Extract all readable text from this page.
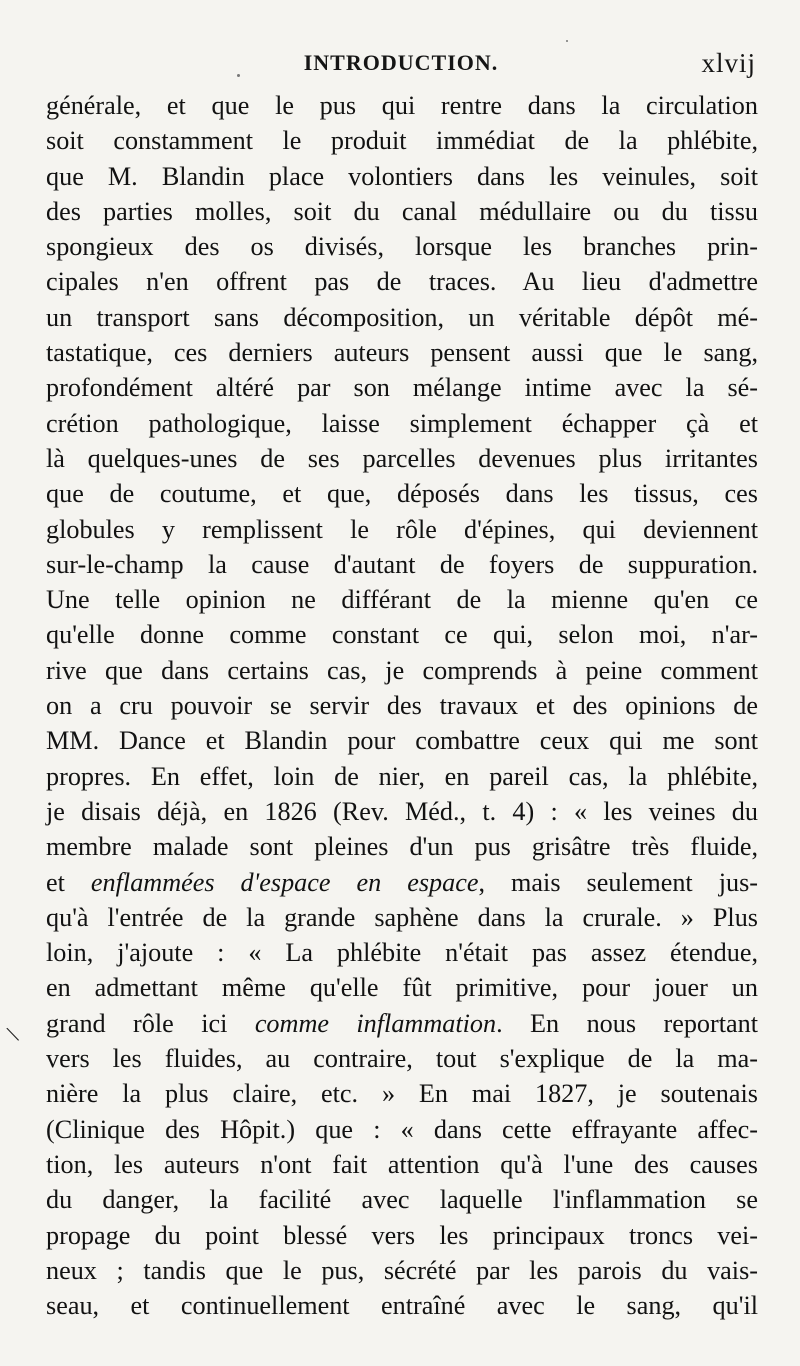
INTRODUCTION.	xlvij
générale, et que le pus qui rentre dans la circulation
soit constamment le produit immédiat de la phlébite,
que M. Blandin place volontiers dans les veinules, soit
des parties molles, soit du canal médullaire ou du tissu
spongieux des os divisés, lorsque les branches prin-
cipales n'en offrent pas de traces. Au lieu d'admettre
un transport sans décomposition, un véritable dépôt mé-
tastatique, ces derniers auteurs pensent aussi que le sang,
profondément altéré par son mélange intime avec la sé-
crétion pathologique, laisse simplement échapper çà et
là quelques-unes de ses parcelles devenues plus irritantes
que de coutume, et que, déposés dans les tissus, ces
globules y remplissent le rôle d'épines, qui deviennent
sur-le-champ la cause d'autant de foyers de suppuration.
Une telle opinion ne différant de la mienne qu'en ce
qu'elle donne comme constant ce qui, selon moi, n'ar-
rive que dans certains cas, je comprends à peine comment
on a cru pouvoir se servir des travaux et des opinions de
MM. Dance et Blandin pour combattre ceux qui me sont
propres. En effet, loin de nier, en pareil cas, la phlébite,
je disais déjà, en 1826 (Rev. Méd., t. 4) : « les veines du
membre malade sont pleines d'un pus grisâtre très fluide,
et enflammées d'espace en espace, mais seulement jus-
qu'à l'entrée de la grande saphène dans la crurale. » Plus
loin, j'ajoute : « La phlébite n'était pas assez étendue,
en admettant même qu'elle fût primitive, pour jouer un
grand rôle ici comme inflammation. En nous reportant
vers les fluides, au contraire, tout s'explique de la ma-
nière la plus claire, etc. » En mai 1827, je soutenais
(Clinique des Hôpit.) que : « dans cette effrayante affec-
tion, les auteurs n'ont fait attention qu'à l'une des causes
du danger, la facilité avec laquelle l'inflammation se
propage du point blessé vers les principaux troncs vei-
neux ; tandis que le pus, sécrété par les parois du vais-
seau, et continuellement entraîné avec le sang, qu'il
\
